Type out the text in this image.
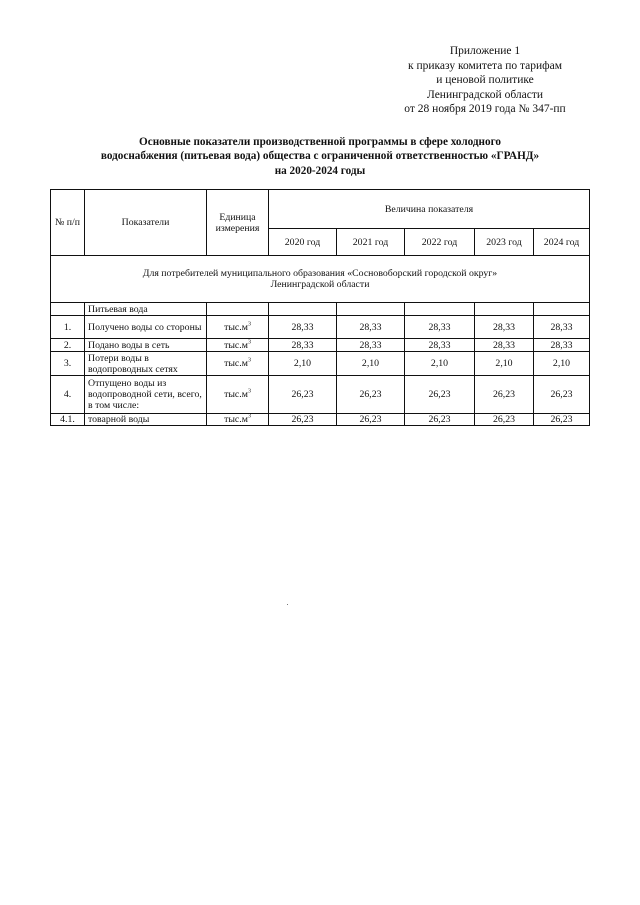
Приложение 1
к приказу комитета по тарифам
и ценовой политике
Ленинградской области
от 28 ноября 2019 года № 347-пп
Основные показатели производственной программы в сфере холодного
водоснабжения (питьевая вода) общества с ограниченной ответственностью «ГРАНД»
на 2020-2024 годы
№ п/п	Показатели	Единица измерения	Величина показателя				
			2020 год	2021 год	2022 год	2023 год	2024 год

Для потребителей муниципального образования «Сосновоборский городской округ»
Ленинградской области							

	Питьевая вода						
1.	Получено воды со стороны	$тыс.м^3$	28,33	28,33	28,33	28,33	28,33
2.	Подано воды в сеть	$тыс.м^3$	28,33	28,33	28,33	28,33	28,33
3.	Потери воды в водопроводных сетях	$тыс.м^3$	2,10	2,10	2,10	2,10	2,10
4.	Отпущено воды из водопроводной сети, всего, в том числе:	$тыс.м^3$	26,23	26,23	26,23	26,23	26,23
4.1.	товарной воды	$тыс.м^3$	26,23	26,23	26,23	26,23	26,23
